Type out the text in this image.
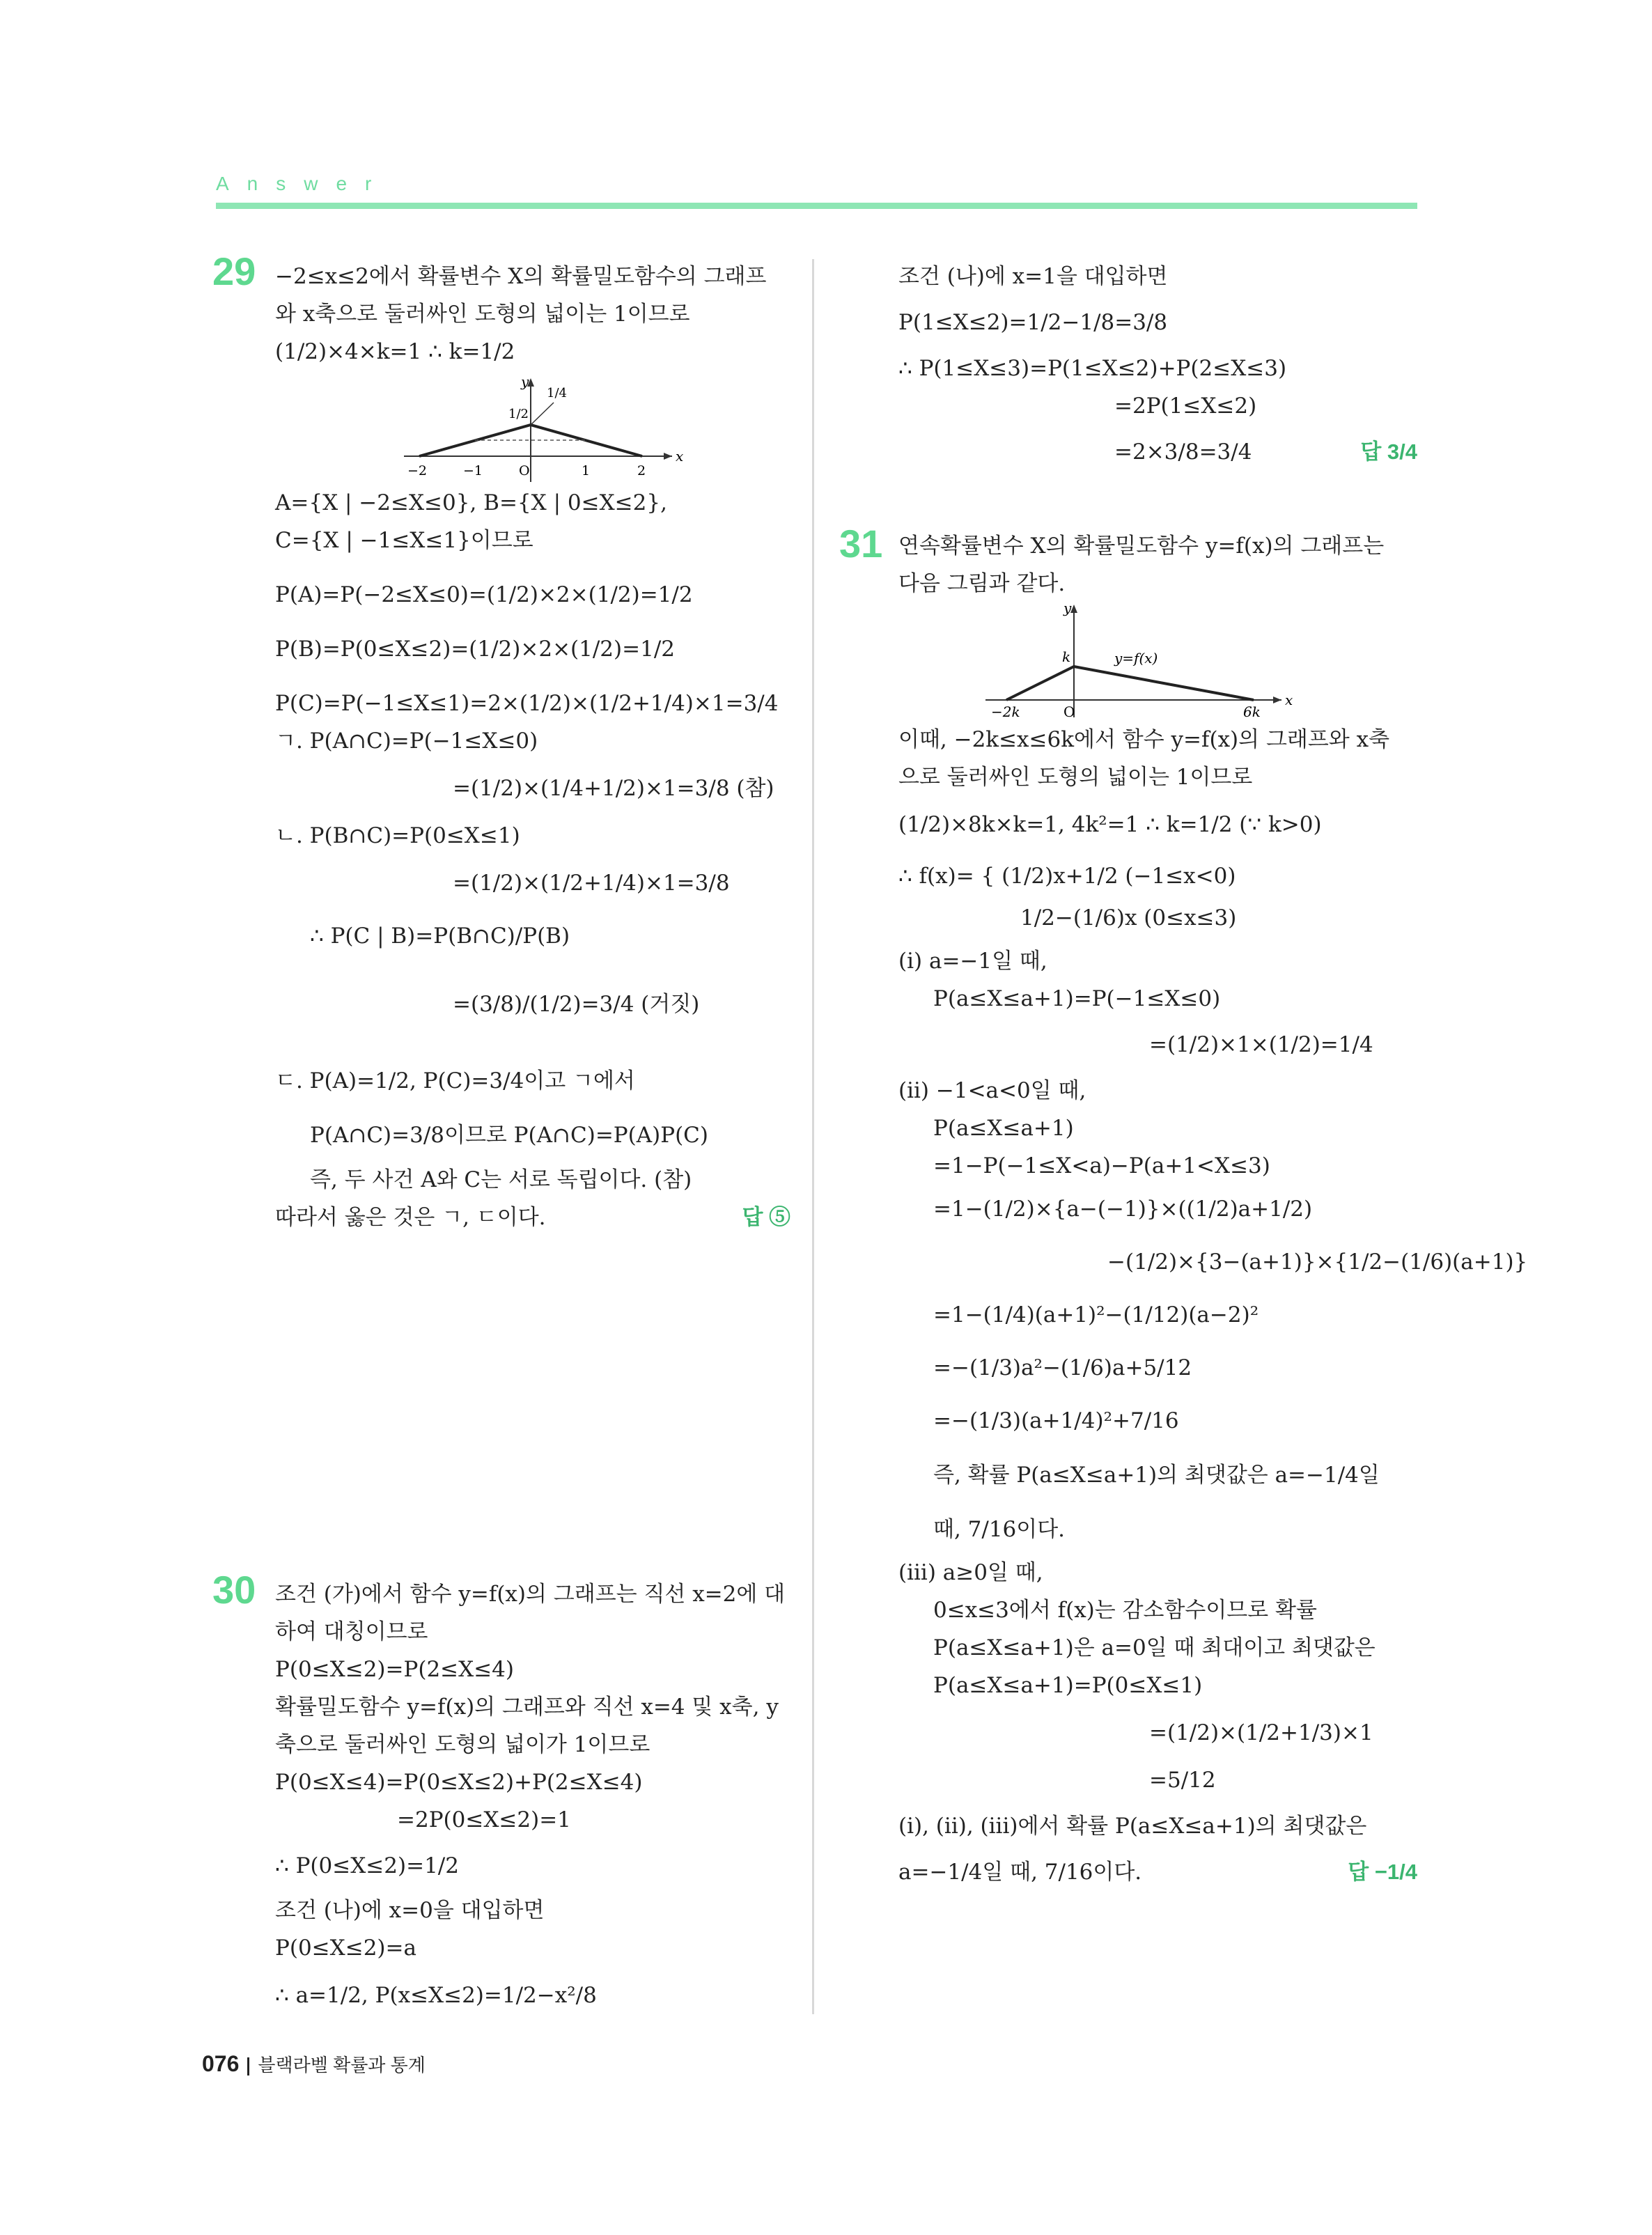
Answer
29 −2≤x≤2에서 확률변수 X의 확률밀도함수의 그래프

와 x축으로 둘러싸인 도형의 넓이는 1이므로

(1/2)×4×k=1 ∴ k=1/2

y
x
1/2
1/4
−2	−1	O	1	2

A={X | −2≤X≤0}, B={X | 0≤X≤2},

C={X | −1≤X≤1}이므로

P(A)=P(−2≤X≤0)=(1/2)×2×(1/2)=1/2

P(B)=P(0≤X≤2)=(1/2)×2×(1/2)=1/2

P(C)=P(−1≤X≤1)=2×(1/2)×(1/2+1/4)×1=3/4

ㄱ. P(A∩C)=P(−1≤X≤0)

=(1/2)×(1/4+1/2)×1=3/8 (참)

ㄴ. P(B∩C)=P(0≤X≤1)

=(1/2)×(1/2+1/4)×1=3/8

∴ P(C | B)=P(B∩C)/P(B)

=(3/8)/(1/2)=3/4 (거짓)

ㄷ. P(A)=1/2, P(C)=3/4이고 ㄱ에서

P(A∩C)=3/8이므로 P(A∩C)=P(A)P(C)

즉, 두 사건 A와 C는 서로 독립이다. (참)

따라서 옳은 것은 ㄱ, ㄷ이다.	답 ⑤

30 조건 (가)에서 함수 y=f(x)의 그래프는 직선 x=2에 대

하여 대칭이므로

P(0≤X≤2)=P(2≤X≤4)

확률밀도함수 y=f(x)의 그래프와 직선 x=4 및 x축, y

축으로 둘러싸인 도형의 넓이가 1이므로

P(0≤X≤4)=P(0≤X≤2)+P(2≤X≤4)

=2P(0≤X≤2)=1

∴ P(0≤X≤2)=1/2

조건 (나)에 x=0을 대입하면

P(0≤X≤2)=a

∴ a=1/2, P(x≤X≤2)=1/2−x²/8

조건 (나)에 x=1을 대입하면

P(1≤X≤2)=1/2−1/8=3/8

∴ P(1≤X≤3)=P(1≤X≤2)+P(2≤X≤3)

=2P(1≤X≤2)

=2×3/8=3/4	답 3/4

31 연속확률변수 X의 확률밀도함수 y=f(x)의 그래프는

다음 그림과 같다.

y
x
k	y=f(x)
−2k	O	6k

이때, −2k≤x≤6k에서 함수 y=f(x)의 그래프와 x축

으로 둘러싸인 도형의 넓이는 1이므로

(1/2)×8k×k=1, 4k²=1 ∴ k=1/2 (∵ k>0)

∴ f(x)= { (1/2)x+1/2 (−1≤x<0)

1/2−(1/6)x (0≤x≤3)

(i) a=−1일 때,

P(a≤X≤a+1)=P(−1≤X≤0)

=(1/2)×1×(1/2)=1/4

(ii) −1<a<0일 때,

P(a≤X≤a+1)

=1−P(−1≤X<a)−P(a+1<X≤3)

=1−(1/2)×{a−(−1)}×((1/2)a+1/2)

−(1/2)×{3−(a+1)}×{1/2−(1/6)(a+1)}

=1−(1/4)(a+1)²−(1/12)(a−2)²

=−(1/3)a²−(1/6)a+5/12

=−(1/3)(a+1/4)²+7/16

즉, 확률 P(a≤X≤a+1)의 최댓값은 a=−1/4일

때, 7/16이다.

(iii) a≥0일 때,

0≤x≤3에서 f(x)는 감소함수이므로 확률

P(a≤X≤a+1)은 a=0일 때 최대이고 최댓값은

P(a≤X≤a+1)=P(0≤X≤1)

=(1/2)×(1/2+1/3)×1

=5/12

(i), (ii), (iii)에서 확률 P(a≤X≤a+1)의 최댓값은

a=−1/4일 때, 7/16이다.	답 −1/4

076 블랙라벨 확률과 통계
